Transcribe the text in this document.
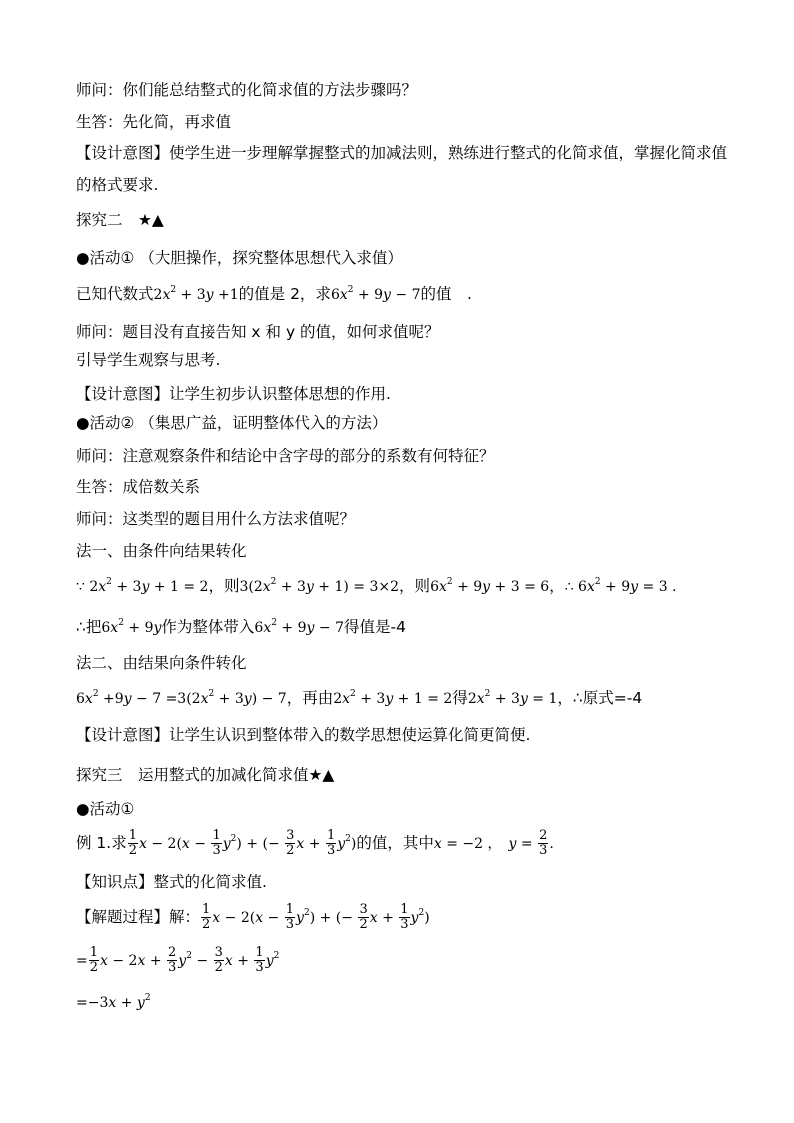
师问：你们能总结整式的化简求值的方法步骤吗？
生答：先化简，再求值
【设计意图】使学生进一步理解掌握整式的加减法则，熟练进行整式的化简求值，掌握化简求值的格式要求.
探究二　★▲
●活动① （大胆操作，探究整体思想代入求值）
已知代数式$2x^2 + 3y +1$的值是 2，求$6x^2 + 9y - 7$的值　.
师问：题目没有直接告知 x 和 y 的值，如何求值呢？
引导学生观察与思考.
【设计意图】让学生初步认识整体思想的作用.
●活动② （集思广益，证明整体代入的方法）
师问：注意观察条件和结论中含字母的部分的系数有何特征？
生答：成倍数关系
师问：这类型的题目用什么方法求值呢？
法一、由条件向结果转化
∵ $2x^2 + 3y + 1 = 2$，则$3(2x^2 + 3y + 1) = 3\times 2$，则$6x^2 + 9y + 3 = 6$，∴ $6x^2 + 9y = 3$ .
∴把$6x^2 + 9y$作为整体带入$6x^2 + 9y - 7$得值是-4
法二、由结果向条件转化
$6x^2 +9y - 7 =3(2x^2 + 3y) - 7$，再由$2x^2 + 3y + 1 = 2$得$2x^2 + 3y = 1$，∴原式=-4
【设计意图】让学生认识到整体带入的数学思想使运算化简更简便.
探究三　运用整式的加减化简求值★▲
●活动①
例 1.求 $\frac{1}{2}$ $x - 2(x - \frac{1}{3} y^2)$ + (− $\frac{3}{2}$ $x + \frac{1}{3} y^2$)的值，其中x = −2 ，　$y = \frac{2}{3}$ .
【知识点】整式的化简求值.
【解题过程】解： $\frac{1}{2}$ $x - 2(x - \frac{1}{3} y^2)$ + (− $\frac{3}{2}$ $x + \frac{1}{3} y^2$)
= $\frac{1}{2}$ $x - 2x + \frac{2}{3} y^2 - \frac{3}{2}$ $x + \frac{1}{3} y^2$
$=-3x + y^2$
